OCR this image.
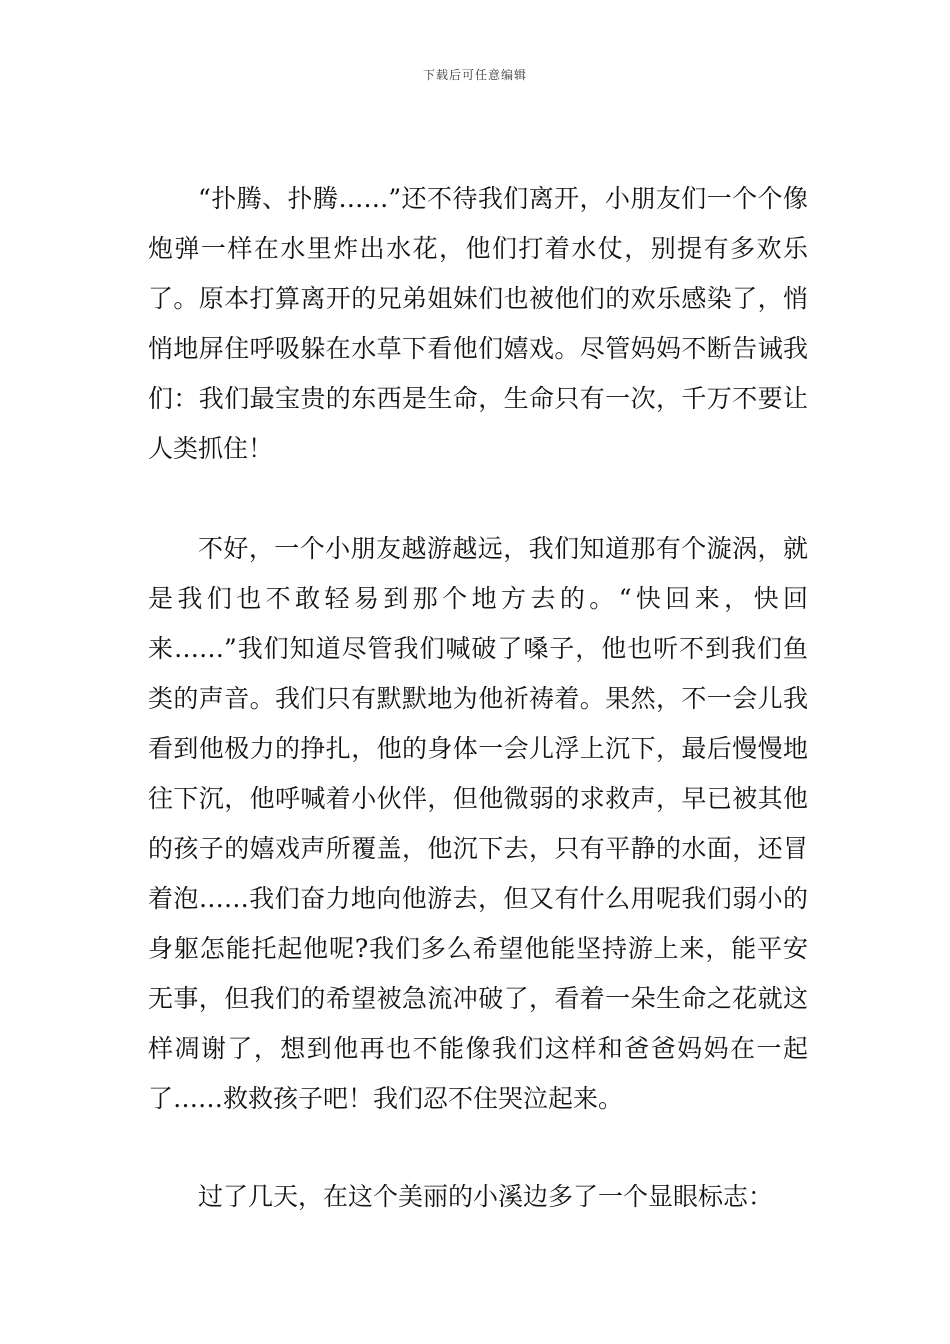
下载后可任意编辑

“扑腾、扑腾……”还不待我们离开，小朋友们一个个像炮弹一样在水里炸出水花，他们打着水仗，别提有多欢乐了。原本打算离开的兄弟姐妹们也被他们的欢乐感染了，悄悄地屏住呼吸躲在水草下看他们嬉戏。尽管妈妈不断告诫我们：我们最宝贵的东西是生命，生命只有一次，千万不要让人类抓住！

不好，一个小朋友越游越远，我们知道那有个漩涡，就是我们也不敢轻易到那个地方去的。“快回来，快回来……”我们知道尽管我们喊破了嗓子，他也听不到我们鱼类的声音。我们只有默默地为他祈祷着。果然，不一会儿我看到他极力的挣扎，他的身体一会儿浮上沉下，最后慢慢地往下沉，他呼喊着小伙伴，但他微弱的求救声，早已被其他的孩子的嬉戏声所覆盖，他沉下去，只有平静的水面，还冒着泡……我们奋力地向他游去，但又有什么用呢我们弱小的身躯怎能托起他呢?我们多么希望他能坚持游上来，能平安无事，但我们的希望被急流冲破了，看着一朵生命之花就这样凋谢了，想到他再也不能像我们这样和爸爸妈妈在一起了……救救孩子吧！我们忍不住哭泣起来。

过了几天，在这个美丽的小溪边多了一个显眼标志：
